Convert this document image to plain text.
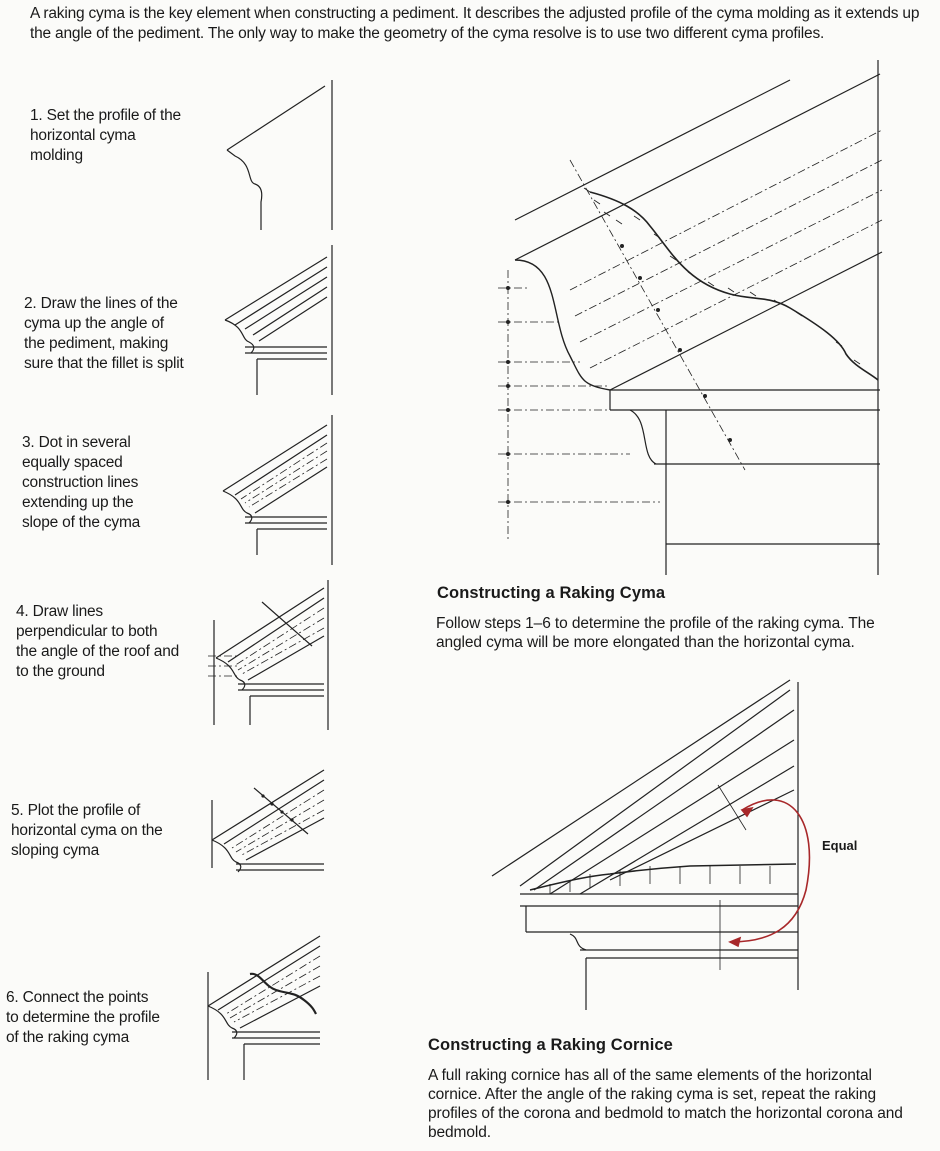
A raking cyma is the key element when constructing a pediment. It describes the adjusted profile of the cyma molding as it extends up the angle of the pediment. The only way to make the geometry of the cyma resolve is to use two different cyma profiles.
1. Set the profile of the horizontal cyma molding
2. Draw the lines of the cyma up the angle of the pediment, making sure that the fillet is split
3. Dot in several equally spaced construction lines extending up the slope of the cyma
4. Draw lines perpendicular to both the angle of the roof and to the ground
5. Plot the profile of horizontal cyma on the sloping cyma
6. Connect the points to determine the profile of the raking cyma
Constructing a Raking Cyma
Follow steps 1–6 to determine the profile of the raking cyma. The angled cyma will be more elongated than the horizontal cyma.
Equal
Constructing a Raking Cornice
A full raking cornice has all of the same elements of the horizontal cornice. After the angle of the raking cyma is set, repeat the raking profiles of the corona and bedmold to match the horizontal corona and bedmold.
